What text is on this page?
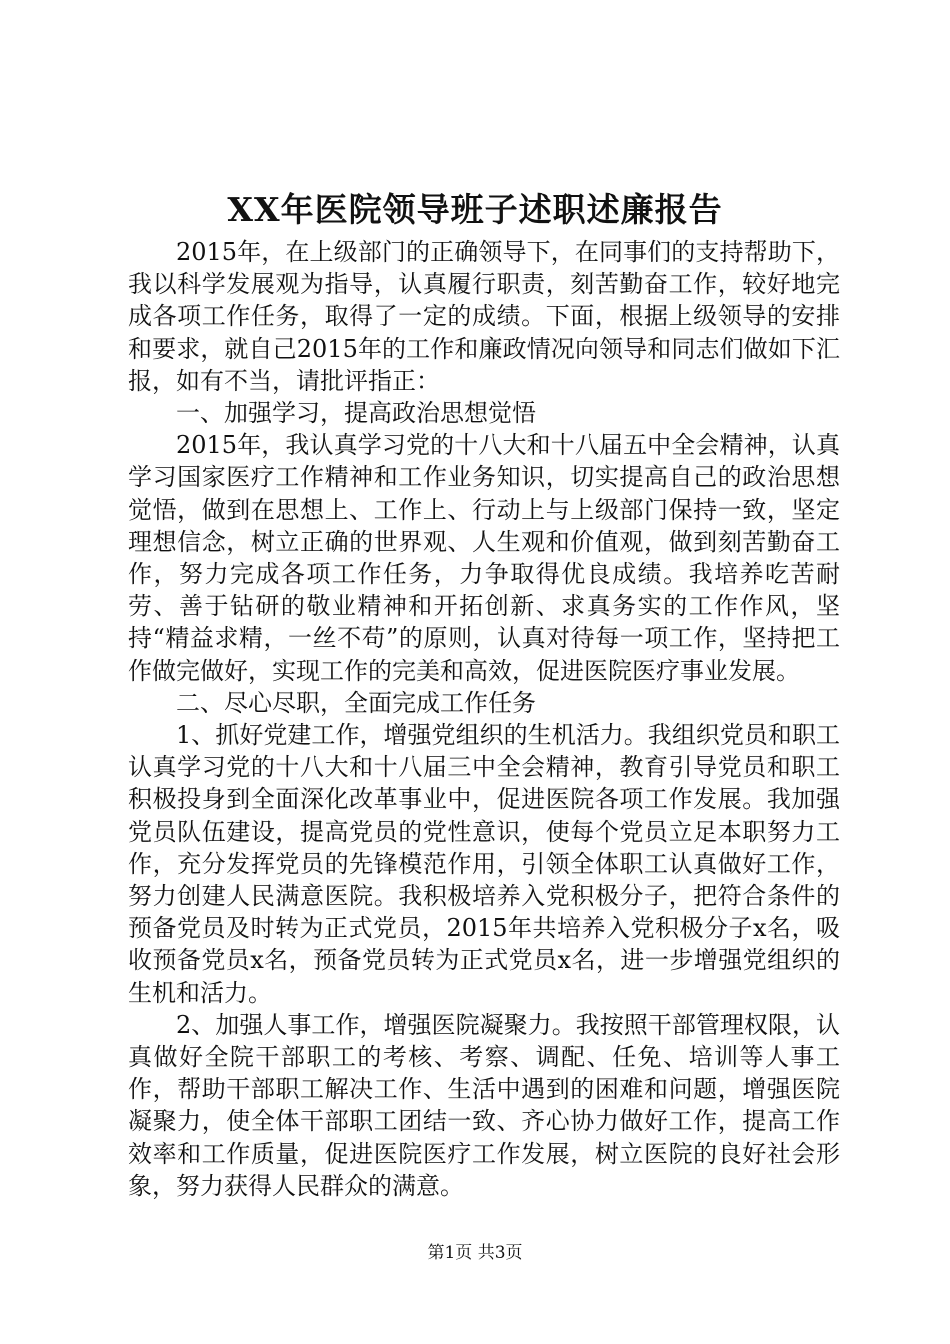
XX年医院领导班子述职述廉报告

2015年，在上级部门的正确领导下，在同事们的支持帮助下，我以科学发展观为指导，认真履行职责，刻苦勤奋工作，较好地完成各项工作任务，取得了一定的成绩。下面，根据上级领导的安排和要求，就自己2015年的工作和廉政情况向领导和同志们做如下汇报，如有不当，请批评指正：

一、加强学习，提高政治思想觉悟

2015年，我认真学习党的十八大和十八届五中全会精神，认真学习国家医疗工作精神和工作业务知识，切实提高自己的政治思想觉悟，做到在思想上、工作上、行动上与上级部门保持一致，坚定理想信念，树立正确的世界观、人生观和价值观，做到刻苦勤奋工作，努力完成各项工作任务，力争取得优良成绩。我培养吃苦耐劳、善于钻研的敬业精神和开拓创新、求真务实的工作作风，坚持“精益求精，一丝不苟”的原则，认真对待每一项工作，坚持把工作做完做好，实现工作的完美和高效，促进医院医疗事业发展。

二、尽心尽职，全面完成工作任务

1、抓好党建工作，增强党组织的生机活力。我组织党员和职工认真学习党的十八大和十八届三中全会精神，教育引导党员和职工积极投身到全面深化改革事业中，促进医院各项工作发展。我加强党员队伍建设，提高党员的党性意识，使每个党员立足本职努力工作，充分发挥党员的先锋模范作用，引领全体职工认真做好工作，努力创建人民满意医院。我积极培养入党积极分子，把符合条件的预备党员及时转为正式党员，2015年共培养入党积极分子x名，吸收预备党员x名，预备党员转为正式党员x名，进一步增强党组织的生机和活力。

2、加强人事工作，增强医院凝聚力。我按照干部管理权限，认真做好全院干部职工的考核、考察、调配、任免、培训等人事工作，帮助干部职工解决工作、生活中遇到的困难和问题，增强医院凝聚力，使全体干部职工团结一致、齐心协力做好工作，提高工作效率和工作质量，促进医院医疗工作发展，树立医院的良好社会形象，努力获得人民群众的满意。

第1页 共3页
